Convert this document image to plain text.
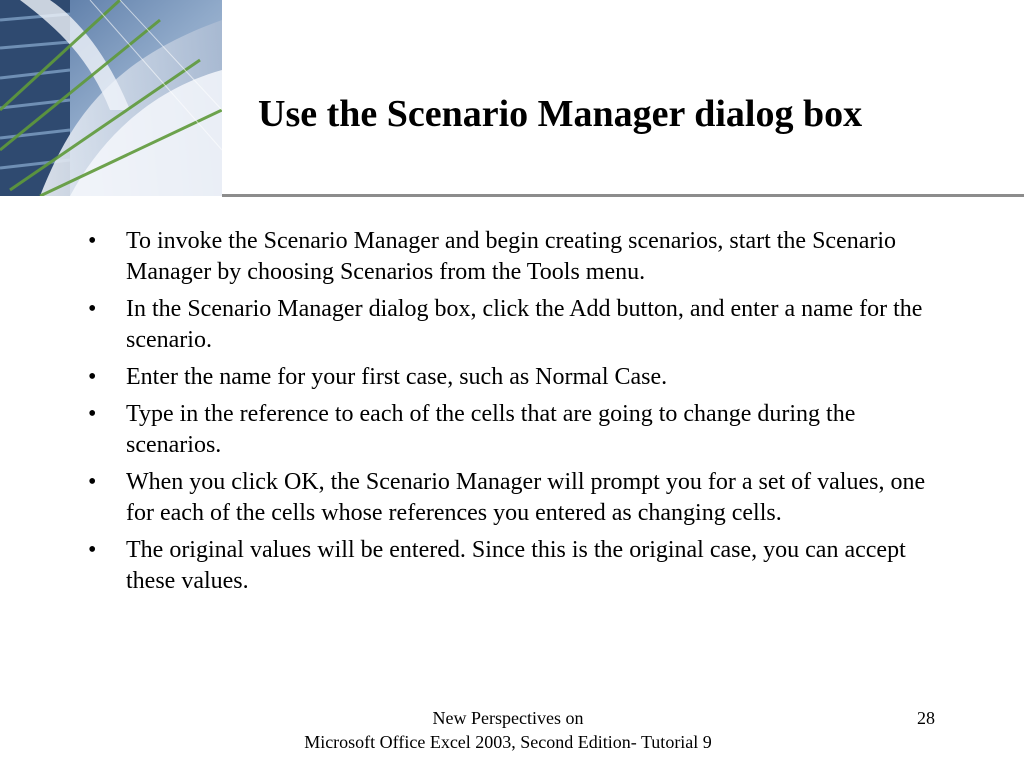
Use the Scenario Manager dialog box
•	To invoke the Scenario Manager and begin creating scenarios, start the Scenario Manager by choosing Scenarios from the Tools menu.
•	In the Scenario Manager dialog box, click the Add button, and enter a name for the scenario.
•	Enter the name for your first case, such as Normal Case.
•	Type in the reference to each of the cells that are going to change during the scenarios.
•	When you click OK, the Scenario Manager will prompt you for a set of values, one for each of the cells whose references you entered as changing cells.
•	The original values will be entered. Since this is the original case, you can accept these values.
New Perspectives on
Microsoft Office Excel 2003, Second Edition- Tutorial 9
28
